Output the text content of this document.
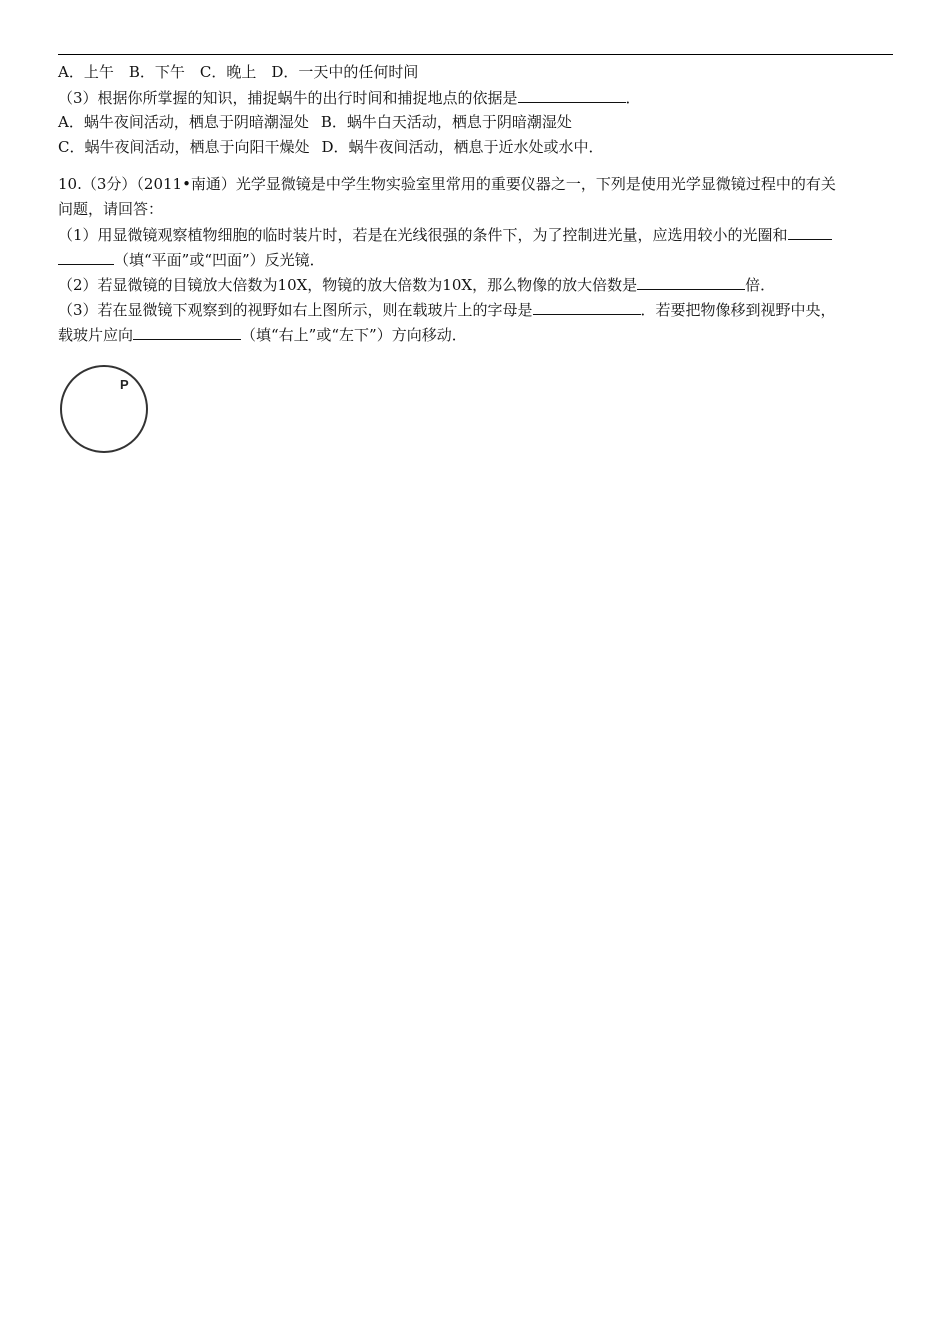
A．上午　B．下午　C．晚上　D．一天中的任何时间
（3）根据你所掌握的知识，捕捉蜗牛的出行时间和捕捉地点的依据是	．
A．蜗牛夜间活动，栖息于阴暗潮湿处 B．蜗牛白天活动，栖息于阴暗潮湿处
C．蜗牛夜间活动，栖息于向阳干燥处 D．蜗牛夜间活动，栖息于近水处或水中．
10.（3分）（2011•南通）光学显微镜是中学生物实验室里常用的重要仪器之一，下列是使用光学显微镜过程中的有关
问题，请回答：
（1）用显微镜观察植物细胞的临时装片时，若是在光线很强的条件下，为了控制进光量，应选用较小的光圈和
（填“平面”或“凹面”）反光镜．
（2）若显微镜的目镜放大倍数为10X，物镜的放大倍数为10X，那么物像的放大倍数是	倍．
（3）若在显微镜下观察到的视野如右上图所示，则在载玻片上的字母是	．若要把物像移到视野中央，
载玻片应向	（填“右上”或“左下”）方向移动．
P
